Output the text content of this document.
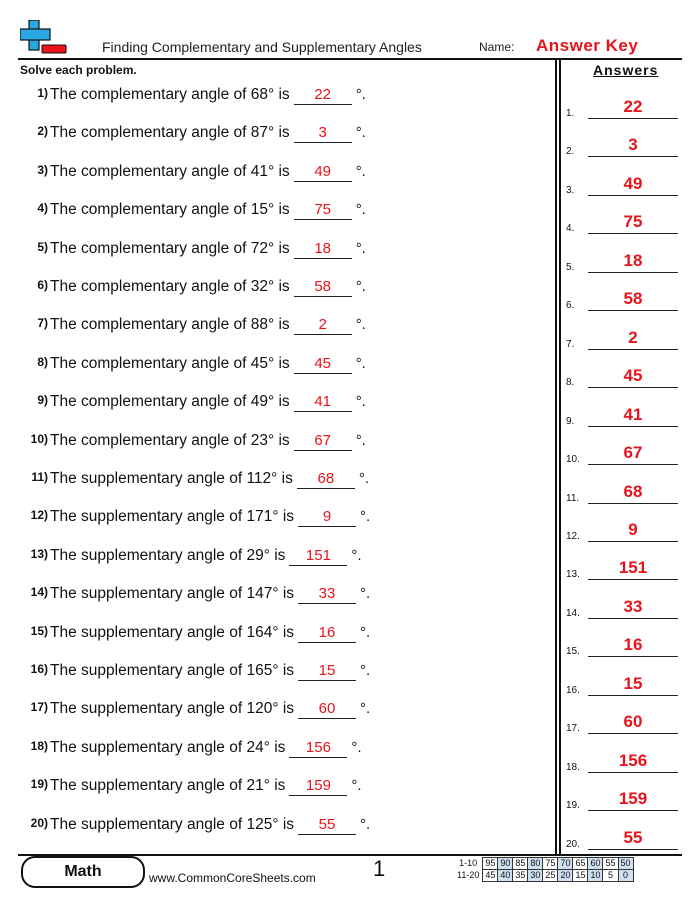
Finding Complementary and Supplementary Angles	Name: Answer Key
Solve each problem.	Answers
1) The complementary angle of 68° is 22 °.
2) The complementary angle of 87° is 3 °.
3) The complementary angle of 41° is 49 °.
4) The complementary angle of 15° is 75 °.
5) The complementary angle of 72° is 18 °.
6) The complementary angle of 32° is 58 °.
7) The complementary angle of 88° is 2 °.
8) The complementary angle of 45° is 45 °.
9) The complementary angle of 49° is 41 °.
10) The complementary angle of 23° is 67 °.
11) The supplementary angle of 112° is 68 °.
12) The supplementary angle of 171° is 9 °.
13) The supplementary angle of 29° is 151 °.
14) The supplementary angle of 147° is 33 °.
15) The supplementary angle of 164° is 16 °.
16) The supplementary angle of 165° is 15 °.
17) The supplementary angle of 120° is 60 °.
18) The supplementary angle of 24° is 156 °.
19) The supplementary angle of 21° is 159 °.
20) The supplementary angle of 125° is 55 °.
1.	22
2.	3
3.	49
4.	75
5.	18
6.	58
7.	2
8.	45
9.	41
10.	67
11.	68
12.	9
13.	151
14.	33
15.	16
16.	15
17.	60
18.	156
19.	159
20.	55
Math	www.CommonCoreSheets.com	1	1-10	95	90	85	80	75	70	65	60	55	50
11-20	45	40	35	30	25	20	15	10	5	0
